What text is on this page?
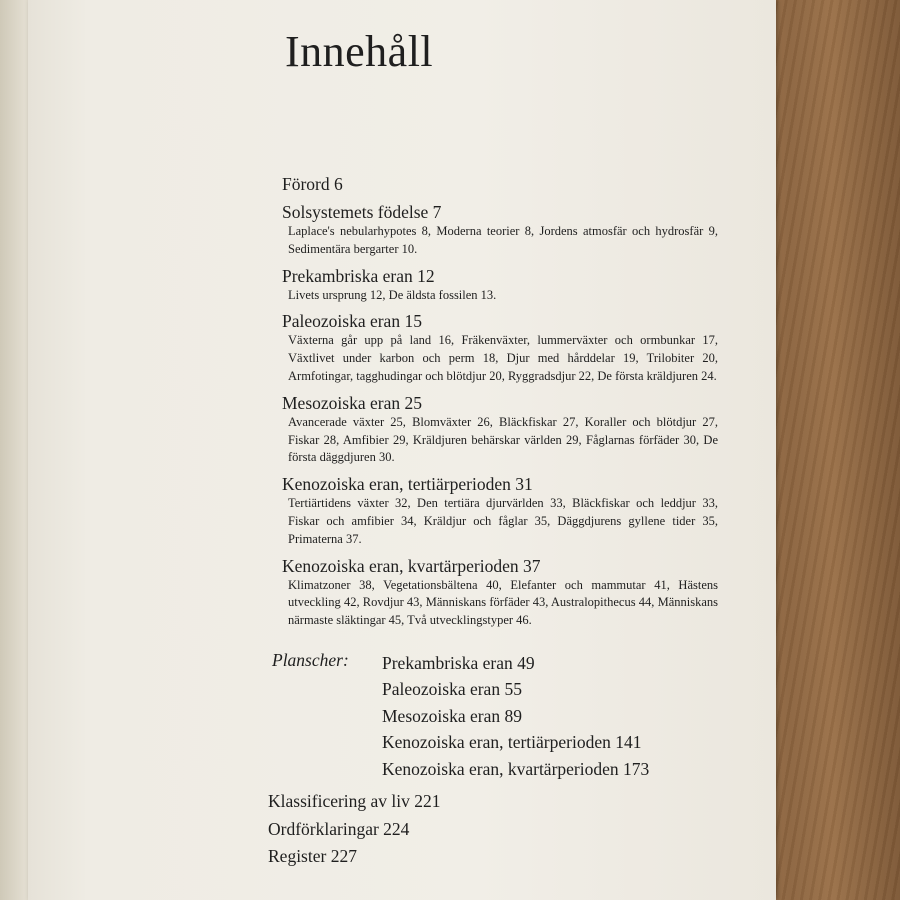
Innehåll

Förord 6

Solsystemets födelse 7

Laplace's nebularhypotes 8, Moderna teorier 8, Jordens atmosfär och hydrosfär 9, Sedimentära bergarter 10.

Prekambriska eran 12

Livets ursprung 12, De äldsta fossilen 13.

Paleozoiska eran 15

Växterna går upp på land 16, Fräkenväxter, lummerväxter och ormbunkar 17, Växtlivet under karbon och perm 18, Djur med hårddelar 19, Trilobiter 20, Armfotingar, tagghudingar och blötdjur 20, Ryggradsdjur 22, De första kräldjuren 24.

Mesozoiska eran 25

Avancerade växter 25, Blomväxter 26, Bläckfiskar 27, Koraller och blötdjur 27, Fiskar 28, Amfibier 29, Kräldjuren behärskar världen 29, Fåglarnas förfäder 30, De första däggdjuren 30.

Kenozoiska eran, tertiärperioden 31

Tertiärtidens växter 32, Den tertiära djurvärlden 33, Bläckfiskar och leddjur 33, Fiskar och amfibier 34, Kräldjur och fåglar 35, Däggdjurens gyllene tider 35, Primaterna 37.

Kenozoiska eran, kvartärperioden 37

Klimatzoner 38, Vegetationsbältena 40, Elefanter och mammutar 41, Hästens utveckling 42, Rovdjur 43, Människans förfäder 43, Australopithecus 44, Människans närmaste släktingar 45, Två utvecklingstyper 46.

Planscher: Prekambriska eran 49

Paleozoiska eran 55

Mesozoiska eran 89

Kenozoiska eran, tertiärperioden 141

Kenozoiska eran, kvartärperioden 173

Klassificering av liv 221

Ordförklaringar 224

Register 227
